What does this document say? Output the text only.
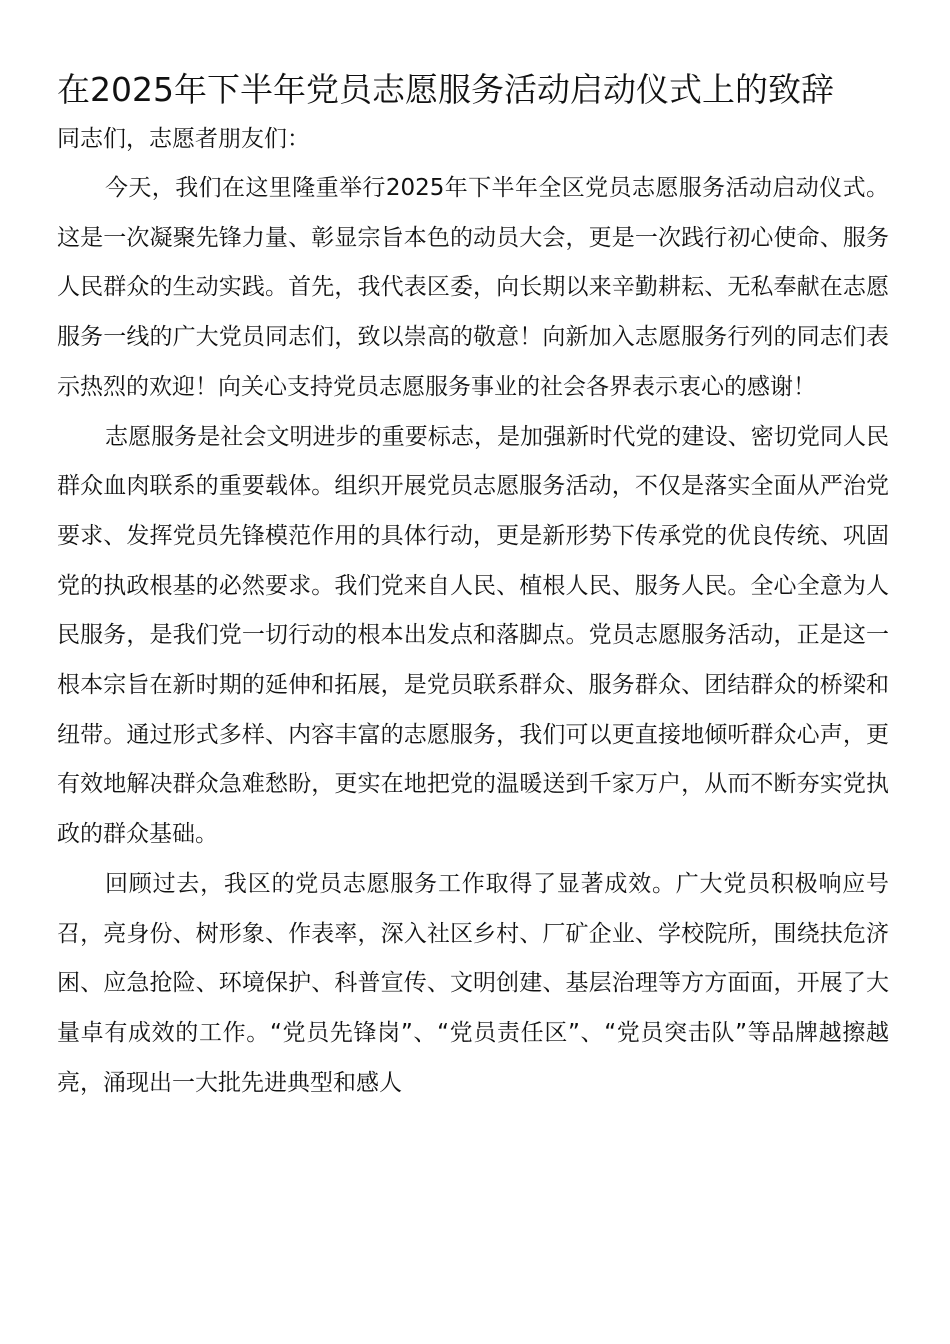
在2025年下半年党员志愿服务活动启动仪式上的致辞

同志们，志愿者朋友们：

今天，我们在这里隆重举行2025年下半年全区党员志愿服务活动启动仪式。这是一次凝聚先锋力量、彰显宗旨本色的动员大会，更是一次践行初心使命、服务人民群众的生动实践。首先，我代表区委，向长期以来辛勤耕耘、无私奉献在志愿服务一线的广大党员同志们，致以崇高的敬意！向新加入志愿服务行列的同志们表示热烈的欢迎！向关心支持党员志愿服务事业的社会各界表示衷心的感谢！

志愿服务是社会文明进步的重要标志，是加强新时代党的建设、密切党同人民群众血肉联系的重要载体。组织开展党员志愿服务活动，不仅是落实全面从严治党要求、发挥党员先锋模范作用的具体行动，更是新形势下传承党的优良传统、巩固党的执政根基的必然要求。我们党来自人民、植根人民、服务人民。全心全意为人民服务，是我们党一切行动的根本出发点和落脚点。党员志愿服务活动，正是这一根本宗旨在新时期的延伸和拓展，是党员联系群众、服务群众、团结群众的桥梁和纽带。通过形式多样、内容丰富的志愿服务，我们可以更直接地倾听群众心声，更有效地解决群众急难愁盼，更实在地把党的温暖送到千家万户，从而不断夯实党执政的群众基础。

回顾过去，我区的党员志愿服务工作取得了显著成效。广大党员积极响应号召，亮身份、树形象、作表率，深入社区乡村、厂矿企业、学校院所，围绕扶危济困、应急抢险、环境保护、科普宣传、文明创建、基层治理等方方面面，开展了大量卓有成效的工作。“党员先锋岗”、“党员责任区”、“党员突击队”等品牌越擦越亮，涌现出一大批先进典型和感人
